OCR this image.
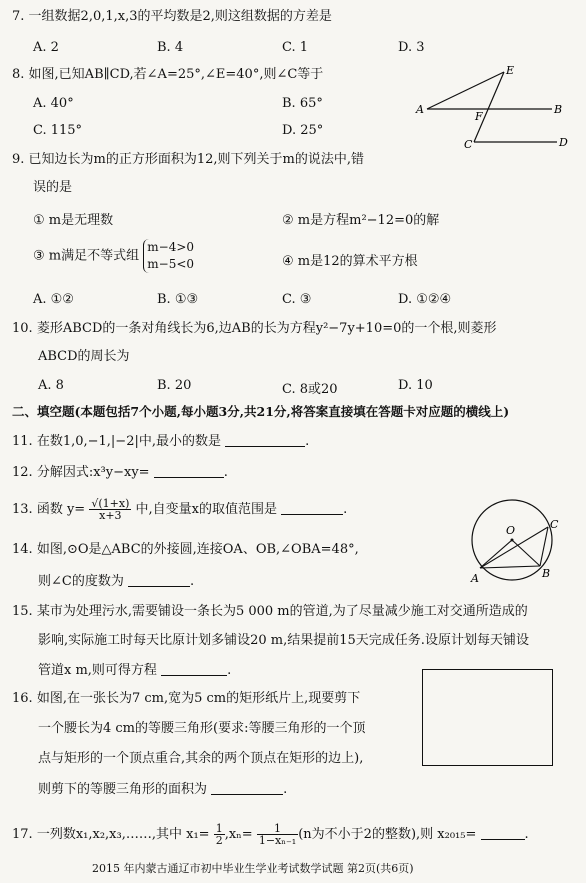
7. 一组数据2,0,1,x,3的平均数是2,则这组数据的方差是
A. 2	B. 4	C. 1	D. 3
8. 如图,已知AB∥CD,若∠A=25°,∠E=40°,则∠C等于
A. 40°	B. 65°
C. 115°	D. 25°
E
A
F
B
C	D
9. 已知边长为m的正方形面积为12,则下列关于m的说法中,错
误的是
① m是无理数	② m是方程m²−12=0的解
③ m满足不等式组
m−4>0
m−5<0	④ m是12的算术平方根
A. ①②	B. ①③	C. ③	D. ①②④
10. 菱形ABCD的一条对角线长为6,边AB的长为方程y²−7y+10=0的一个根,则菱形
ABCD的周长为
A. 8	B. 20	C. 8或20	D. 10
二、填空题(本题包括7个小题,每小题3分,共21分,将答案直接填在答题卡对应题的横线上)
11. 在数1,0,−1,|−2|中,最小的数是	.
12. 分解因式:x³y−xy=	.
13. 函数 $y= \frac{√(1+x)}{x+3}$ 中,自变量x的取值范围是	.
14. 如图,⊙O是△ABC的外接圆,连接OA、OB,∠OBA=48°,
则∠C的度数为	.
O	C
A	B
15. 某市为处理污水,需要铺设一条长为5 000 m的管道,为了尽量减少施工对交通所造成的
影响,实际施工时每天比原计划多铺设20 m,结果提前15天完成任务.设原计划每天铺设
管道x m,则可得方程	.
16. 如图,在一张长为7 cm,宽为5 cm的矩形纸片上,现要剪下
一个腰长为4 cm的等腰三角形(要求:等腰三角形的一个顶
点与矩形的一个顶点重合,其余的两个顶点在矩形的边上),
则剪下的等腰三角形的面积为	.
17. 一列数x₁,x₂,x₃,……,其中 $x_1= \frac{1}{2} ,x_n= \frac{1}{\text{1−xₙ₋₁}} (n$为不小于2的整数),则 x₂₀₁₅=	.
2015 年内蒙古通辽市初中毕业生学业考试数学试题 第2页(共6页)
